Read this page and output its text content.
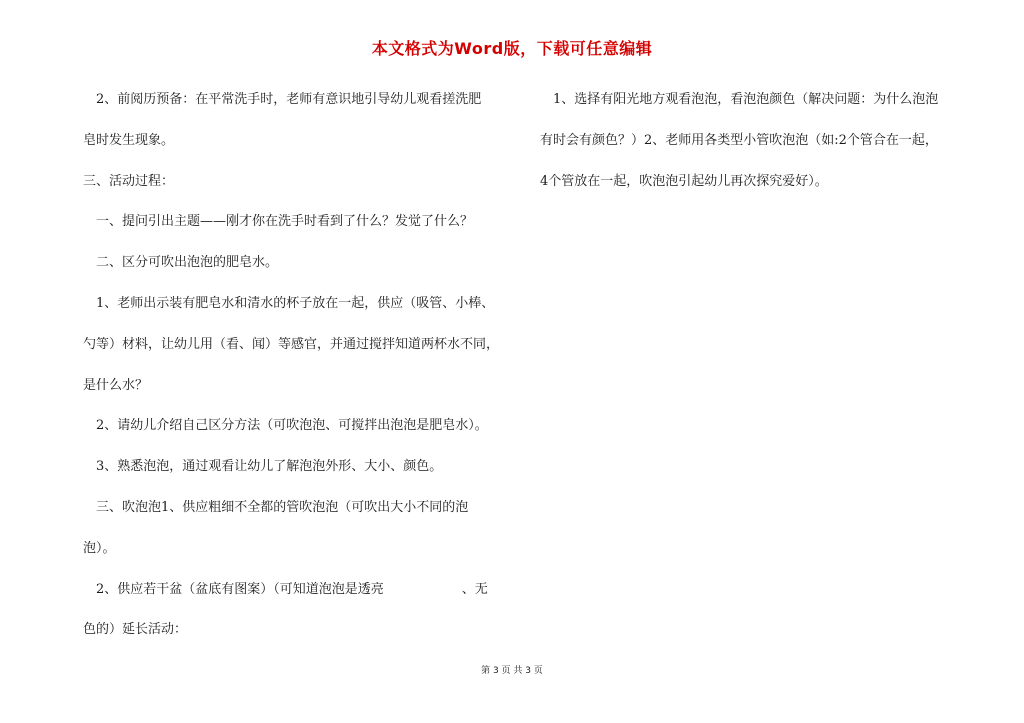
本文格式为Word版，下载可任意编辑

2、前阅历预备：在平常洗手时，老师有意识地引导幼儿观看搓洗肥

皂时发生现象。

三、活动过程：

一、提问引出主题——刚才你在洗手时看到了什么？发觉了什么？

二、区分可吹出泡泡的肥皂水。

1、老师出示装有肥皂水和清水的杯子放在一起，供应（吸管、小棒、

勺等）材料，让幼儿用（看、闻）等感官，并通过搅拌知道两杯水不同，

是什么水？

2、请幼儿介绍自己区分方法（可吹泡泡、可搅拌出泡泡是肥皂水）。

3、熟悉泡泡，通过观看让幼儿了解泡泡外形、大小、颜色。

三、吹泡泡1、供应粗细不全都的管吹泡泡（可吹出大小不同的泡

泡）。

2、供应若干盆（盆底有图案）（可知道泡泡是透亮　　　　　　、无

色的）延长活动：

1、选择有阳光地方观看泡泡，看泡泡颜色（解决问题：为什么泡泡

有时会有颜色？）2、老师用各类型小管吹泡泡（如:2个管合在一起，

4个管放在一起，吹泡泡引起幼儿再次探究爱好）。

第 3 页 共 3 页
